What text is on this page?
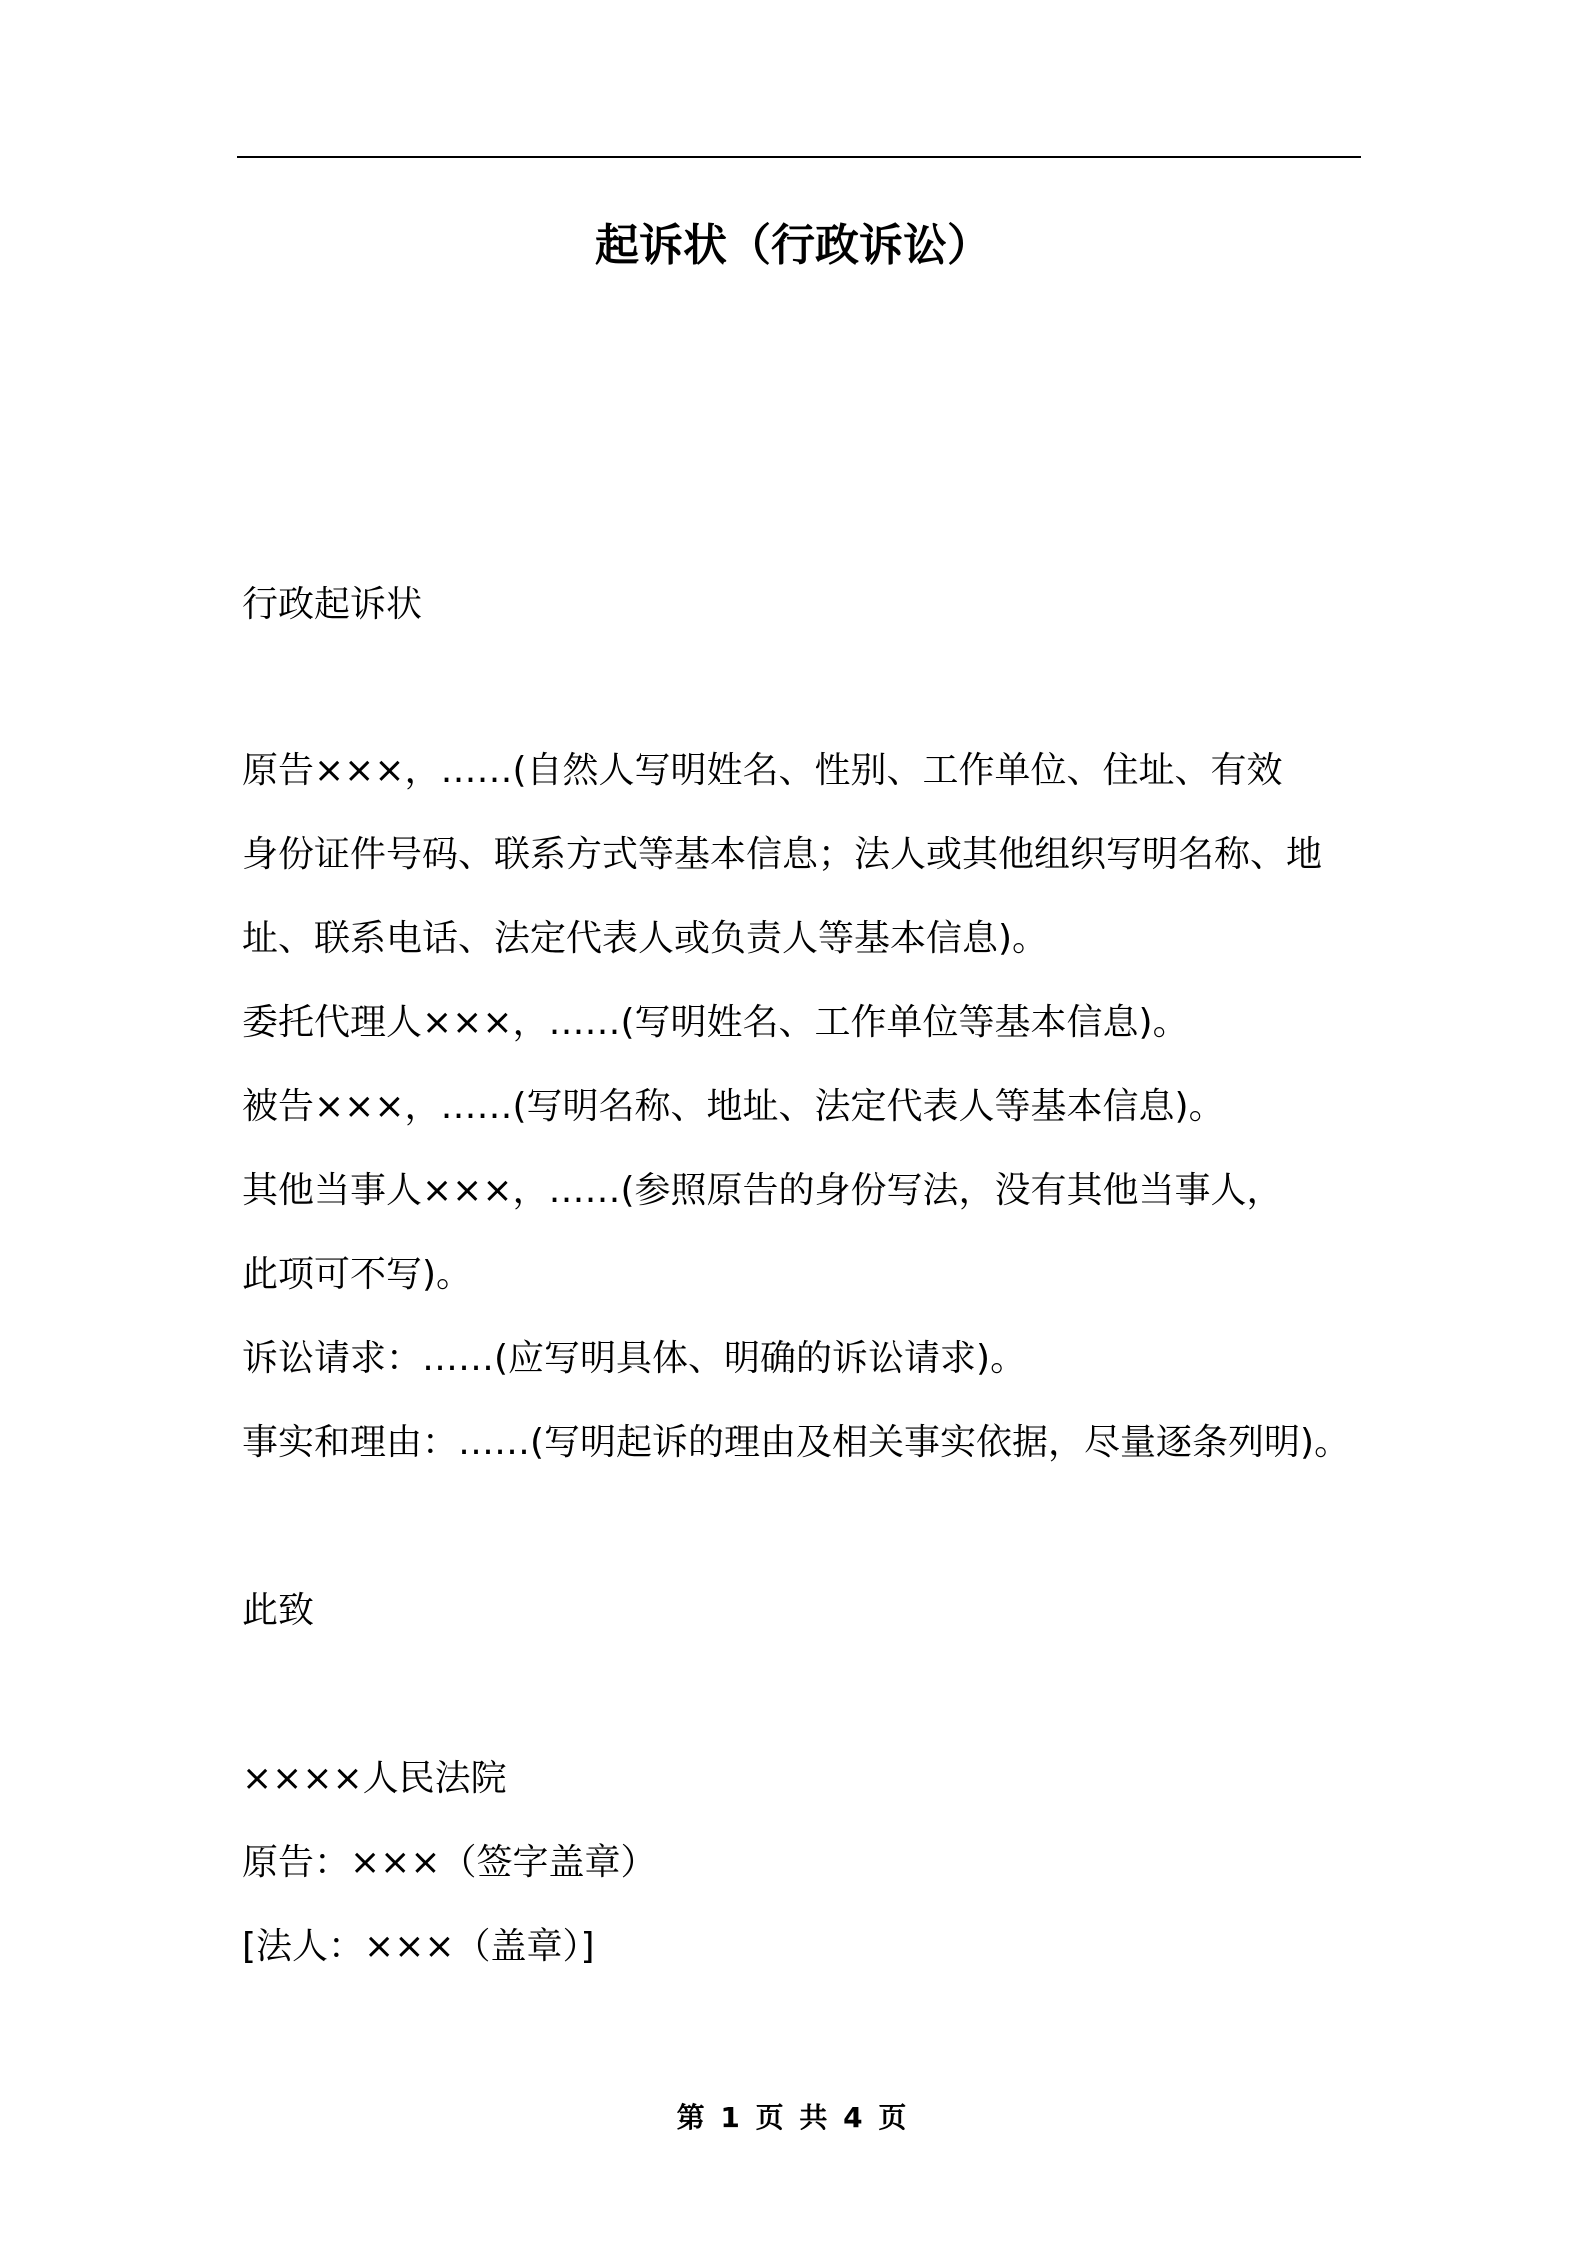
起诉状（行政诉讼）

行政起诉状

原告×××，……(自然人写明姓名、性别、工作单位、住址、有效

身份证件号码、联系方式等基本信息；法人或其他组织写明名称、地

址、联系电话、法定代表人或负责人等基本信息)。

委托代理人×××，……(写明姓名、工作单位等基本信息)。

被告×××，……(写明名称、地址、法定代表人等基本信息)。

其他当事人×××，……(参照原告的身份写法，没有其他当事人，

此项可不写)。

诉讼请求：……(应写明具体、明确的诉讼请求)。

事实和理由：……(写明起诉的理由及相关事实依据，尽量逐条列明)。

此致

××××人民法院

原告：×××（签字盖章）

[法人：×××（盖章）]

第 1 页 共 4 页
